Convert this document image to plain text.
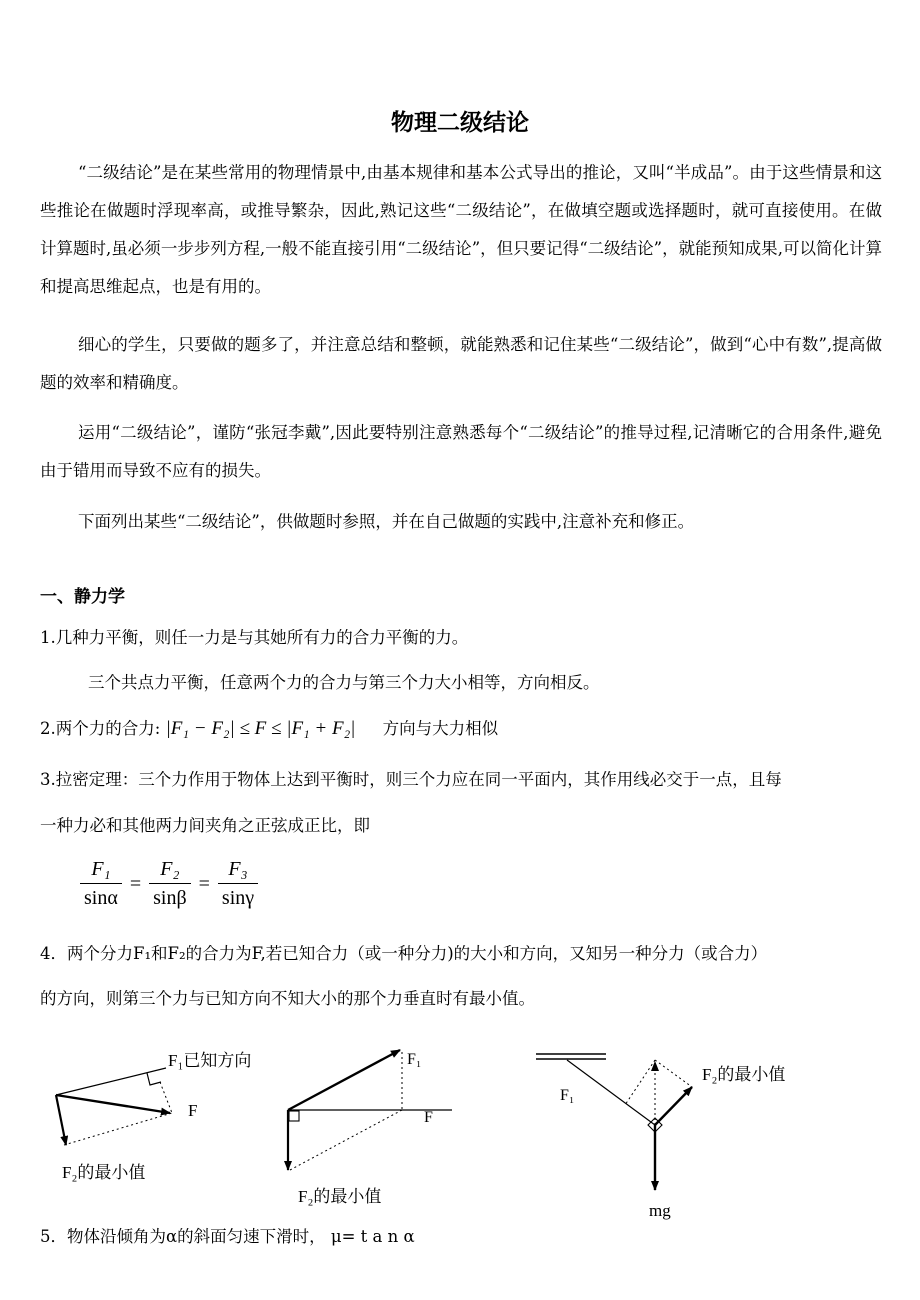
物理二级结论

“二级结论”是在某些常用的物理情景中,由基本规律和基本公式导出的推论，又叫“半成品”。由于这些情景和这些推论在做题时浮现率高，或推导繁杂，因此,熟记这些“二级结论”，在做填空题或选择题时，就可直接使用。在做计算题时,虽必须一步步列方程,一般不能直接引用“二级结论”，但只要记得“二级结论”，就能预知成果,可以简化计算和提高思维起点，也是有用的。

细心的学生，只要做的题多了，并注意总结和整顿，就能熟悉和记住某些“二级结论”，做到“心中有数”,提高做题的效率和精确度。

运用“二级结论”，谨防“张冠李戴”,因此要特别注意熟悉每个“二级结论”的推导过程,记清晰它的合用条件,避免由于错用而导致不应有的损失。

下面列出某些“二级结论”，供做题时参照，并在自己做题的实践中,注意补充和修正。

一、静力学
1.几种力平衡，则任一力是与其她所有力的合力平衡的力。
三个共点力平衡，任意两个力的合力与第三个力大小相等，方向相反。
2.两个力的合力: |F₁ − F₂| ≤ F ≤ |F₁ + F₂| 方向与大力相似
3.拉密定理：三个力作用于物体上达到平衡时，则三个力应在同一平面内，其作用线必交于一点，且每
一种力必和其他两力间夹角之正弦成正比，即
$\frac{\text{F₁}}{\sin\alpha} = \frac{\text{F₂}}{\sin\beta} = \frac{\text{F₃}}{\sin\gamma}$
4．两个分力F₁和F₂的合力为F,若已知合力（或一种分力)的大小和方向，又知另一种分力（或合力）
的方向，则第三个力与已知方向不知大小的那个力垂直时有最小值。
F₁已知方向
F
F₂的最小值
F₁
F
F₂的最小值
F₁
F₂的最小值
mg
5．物体沿倾角为α的斜面匀速下滑时， μ= t a n α
